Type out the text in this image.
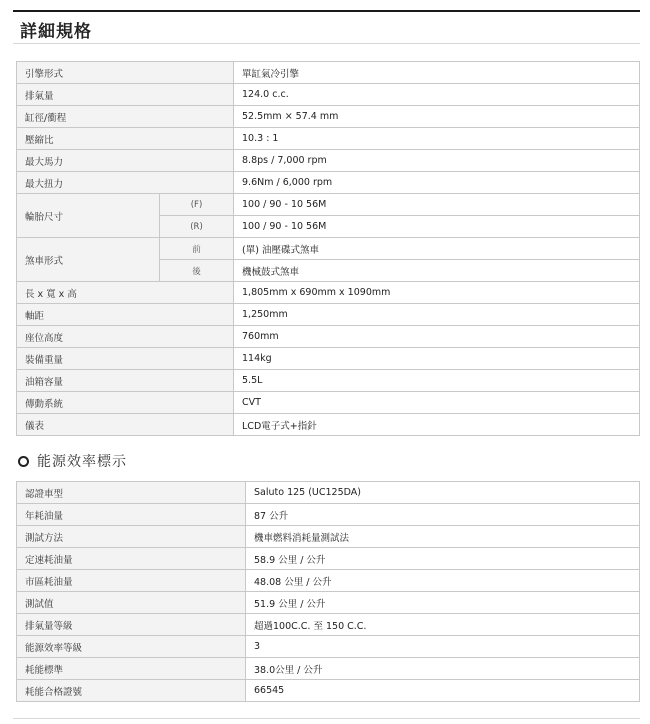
詳細規格
引擎形式		單缸氣冷引擎
排氣量		124.0 c.c.
缸徑/衝程		52.5mm × 57.4 mm
壓縮比		10.3 : 1
最大馬力		8.8ps / 7,000 rpm
最大扭力		9.6Nm / 6,000 rpm
輪胎尺寸	(F)	100 / 90 - 10 56M
	(R)	100 / 90 - 10 56M
煞車形式	前	(單) 油壓碟式煞車
	後	機械鼓式煞車
長 x 寬 x 高		1,805mm x 690mm x 1090mm
軸距		1,250mm
座位高度		760mm
裝備重量		114kg
油箱容量		5.5L
傳動系統		CVT
儀表		LCD電子式+指針
能源效率標示
認證車型	Saluto 125 (UC125DA)
年耗油量	87 公升
測試方法	機車燃料消耗量測試法
定速耗油量	58.9 公里 / 公升
市區耗油量	48.08 公里 / 公升
測試值	51.9 公里 / 公升
排氣量等級	超過100C.C. 至 150 C.C.
能源效率等級	3
耗能標準	38.0公里 / 公升
耗能合格證號	66545
